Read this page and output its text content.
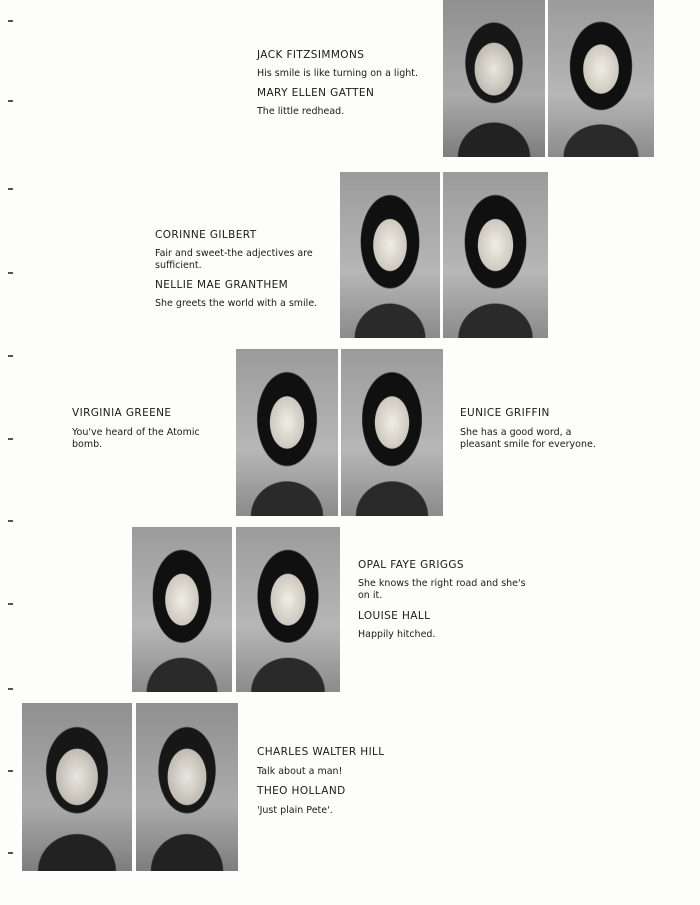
JACK FITZSIMMONS
His smile is like turning on a light.
MARY ELLEN GATTEN
The little redhead.
CORINNE GILBERT
Fair and sweet-the adjectives are sufficient.
NELLIE MAE GRANTHEM
She greets the world with a smile.
VIRGINIA GREENE
You've heard of the Atomic bomb.
EUNICE GRIFFIN
She has a good word, a pleasant smile for everyone.
OPAL FAYE GRIGGS
She knows the right road and she's on it.
LOUISE HALL
Happily hitched.
CHARLES WALTER HILL
Talk about a man!
THEO HOLLAND
'Just plain Pete'.
